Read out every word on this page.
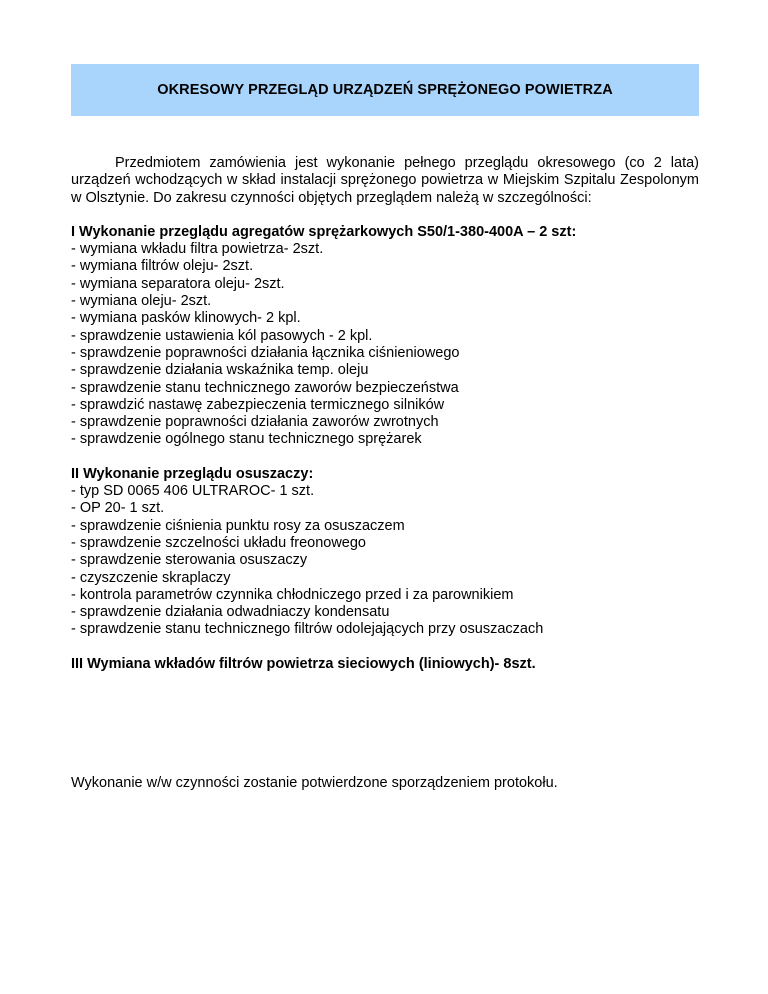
OKRESOWY PRZEGLĄD URZĄDZEŃ SPRĘŻONEGO POWIETRZA

Przedmiotem zamówienia jest wykonanie pełnego przeglądu okresowego (co 2 lata) urządzeń wchodzących w skład instalacji sprężonego powietrza w Miejskim Szpitalu Zespolonym w Olsztynie. Do zakresu czynności objętych przeglądem należą w szczególności:

I Wykonanie przeglądu agregatów sprężarkowych S50/1-380-400A – 2 szt:
- wymiana wkładu filtra powietrza- 2szt.
- wymiana filtrów oleju- 2szt.
- wymiana separatora oleju- 2szt.
- wymiana oleju- 2szt.
- wymiana pasków klinowych- 2 kpl.
- sprawdzenie ustawienia kól pasowych - 2 kpl.
- sprawdzenie poprawności działania łącznika ciśnieniowego
- sprawdzenie działania wskaźnika temp. oleju
- sprawdzenie stanu technicznego zaworów bezpieczeństwa
- sprawdzić nastawę zabezpieczenia termicznego silników
- sprawdzenie poprawności działania zaworów zwrotnych
- sprawdzenie ogólnego stanu technicznego sprężarek
II Wykonanie przeglądu osuszaczy:
- typ SD 0065 406 ULTRAROC- 1 szt.
- OP 20- 1 szt.
- sprawdzenie ciśnienia punktu rosy za osuszaczem
- sprawdzenie szczelności układu freonowego
- sprawdzenie sterowania osuszaczy
- czyszczenie skraplaczy
- kontrola parametrów czynnika chłodniczego przed i za parownikiem
- sprawdzenie działania odwadniaczy kondensatu
- sprawdzenie stanu technicznego filtrów odolejających przy osuszaczach
III Wymiana wkładów filtrów powietrza sieciowych (liniowych)- 8szt.
Wykonanie w/w czynności zostanie potwierdzone sporządzeniem protokołu.
